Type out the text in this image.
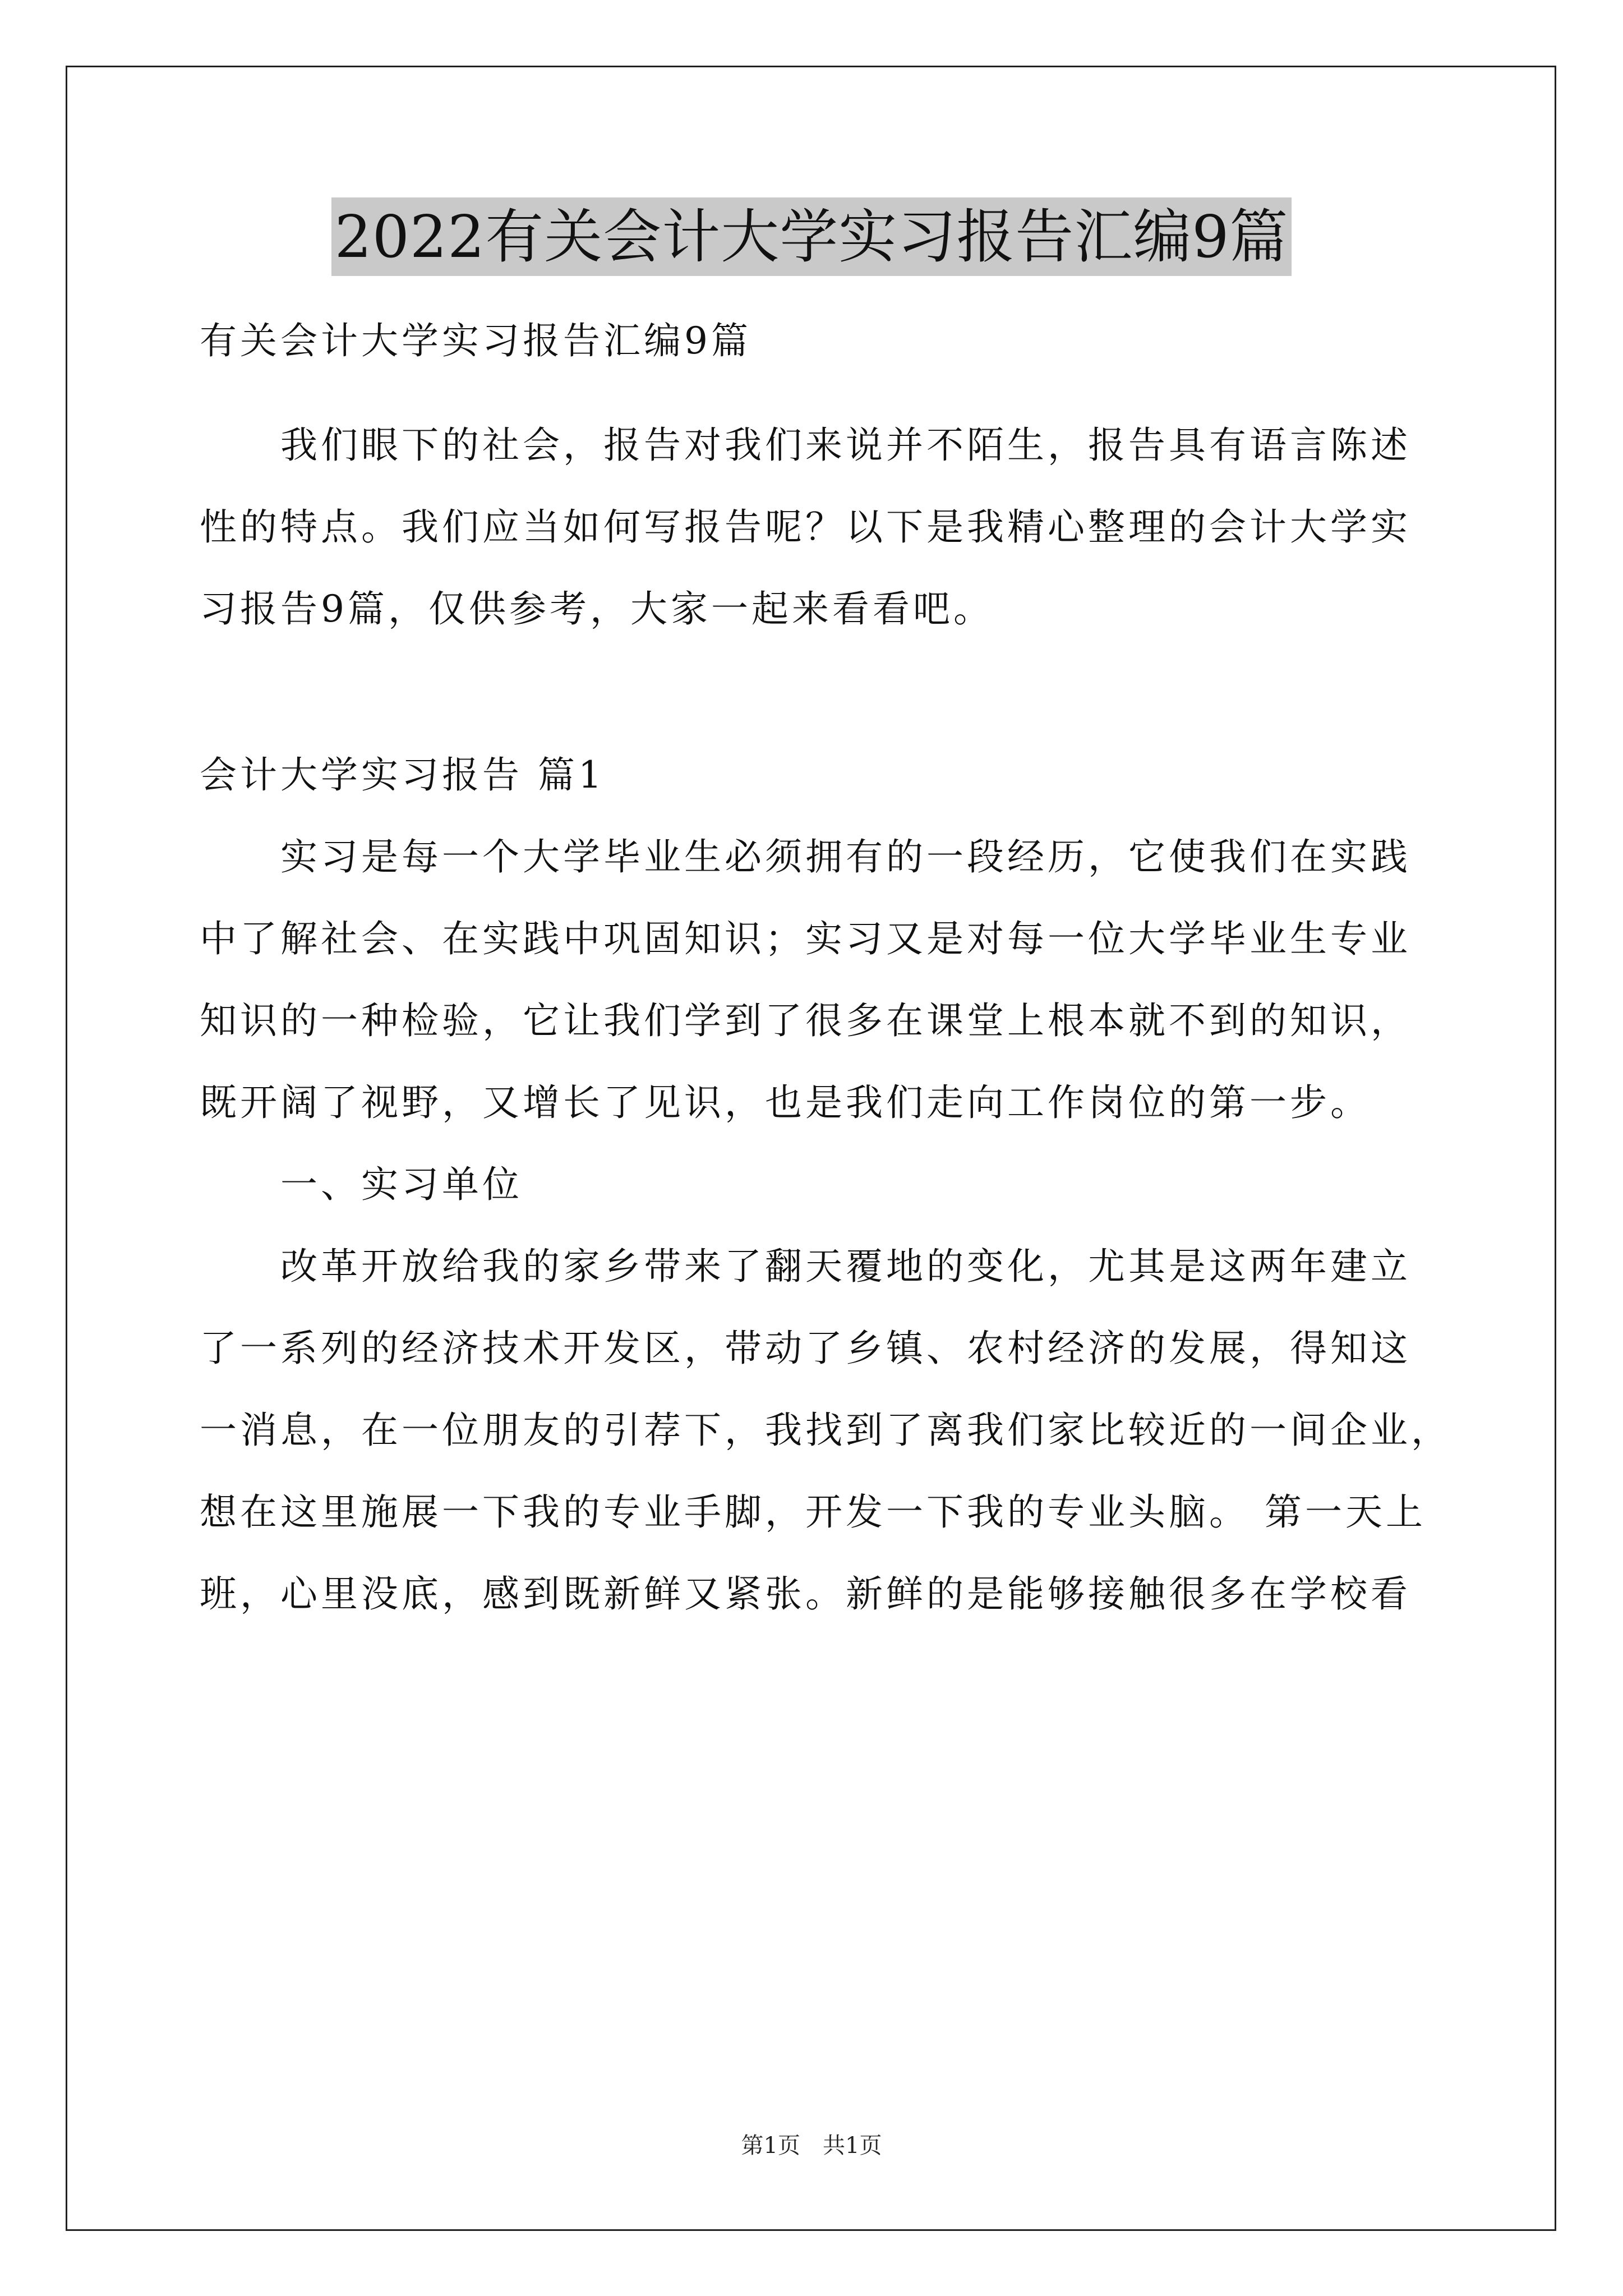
2022有关会计大学实习报告汇编9篇

有关会计大学实习报告汇编9篇

我们眼下的社会，报告对我们来说并不陌生，报告具有语言陈述

性的特点。我们应当如何写报告呢？以下是我精心整理的会计大学实

习报告9篇，仅供参考，大家一起来看看吧。

会计大学实习报告 篇1

实习是每一个大学毕业生必须拥有的一段经历，它使我们在实践

中了解社会、在实践中巩固知识；实习又是对每一位大学毕业生专业

知识的一种检验，它让我们学到了很多在课堂上根本就不到的知识，

既开阔了视野，又增长了见识，也是我们走向工作岗位的第一步。

一、实习单位

改革开放给我的家乡带来了翻天覆地的变化，尤其是这两年建立

了一系列的经济技术开发区，带动了乡镇、农村经济的发展，得知这

一消息，在一位朋友的引荐下，我找到了离我们家比较近的一间企业，

想在这里施展一下我的专业手脚，开发一下我的专业头脑。 第一天上

班，心里没底，感到既新鲜又紧张。新鲜的是能够接触很多在学校看

第1页 共1页
